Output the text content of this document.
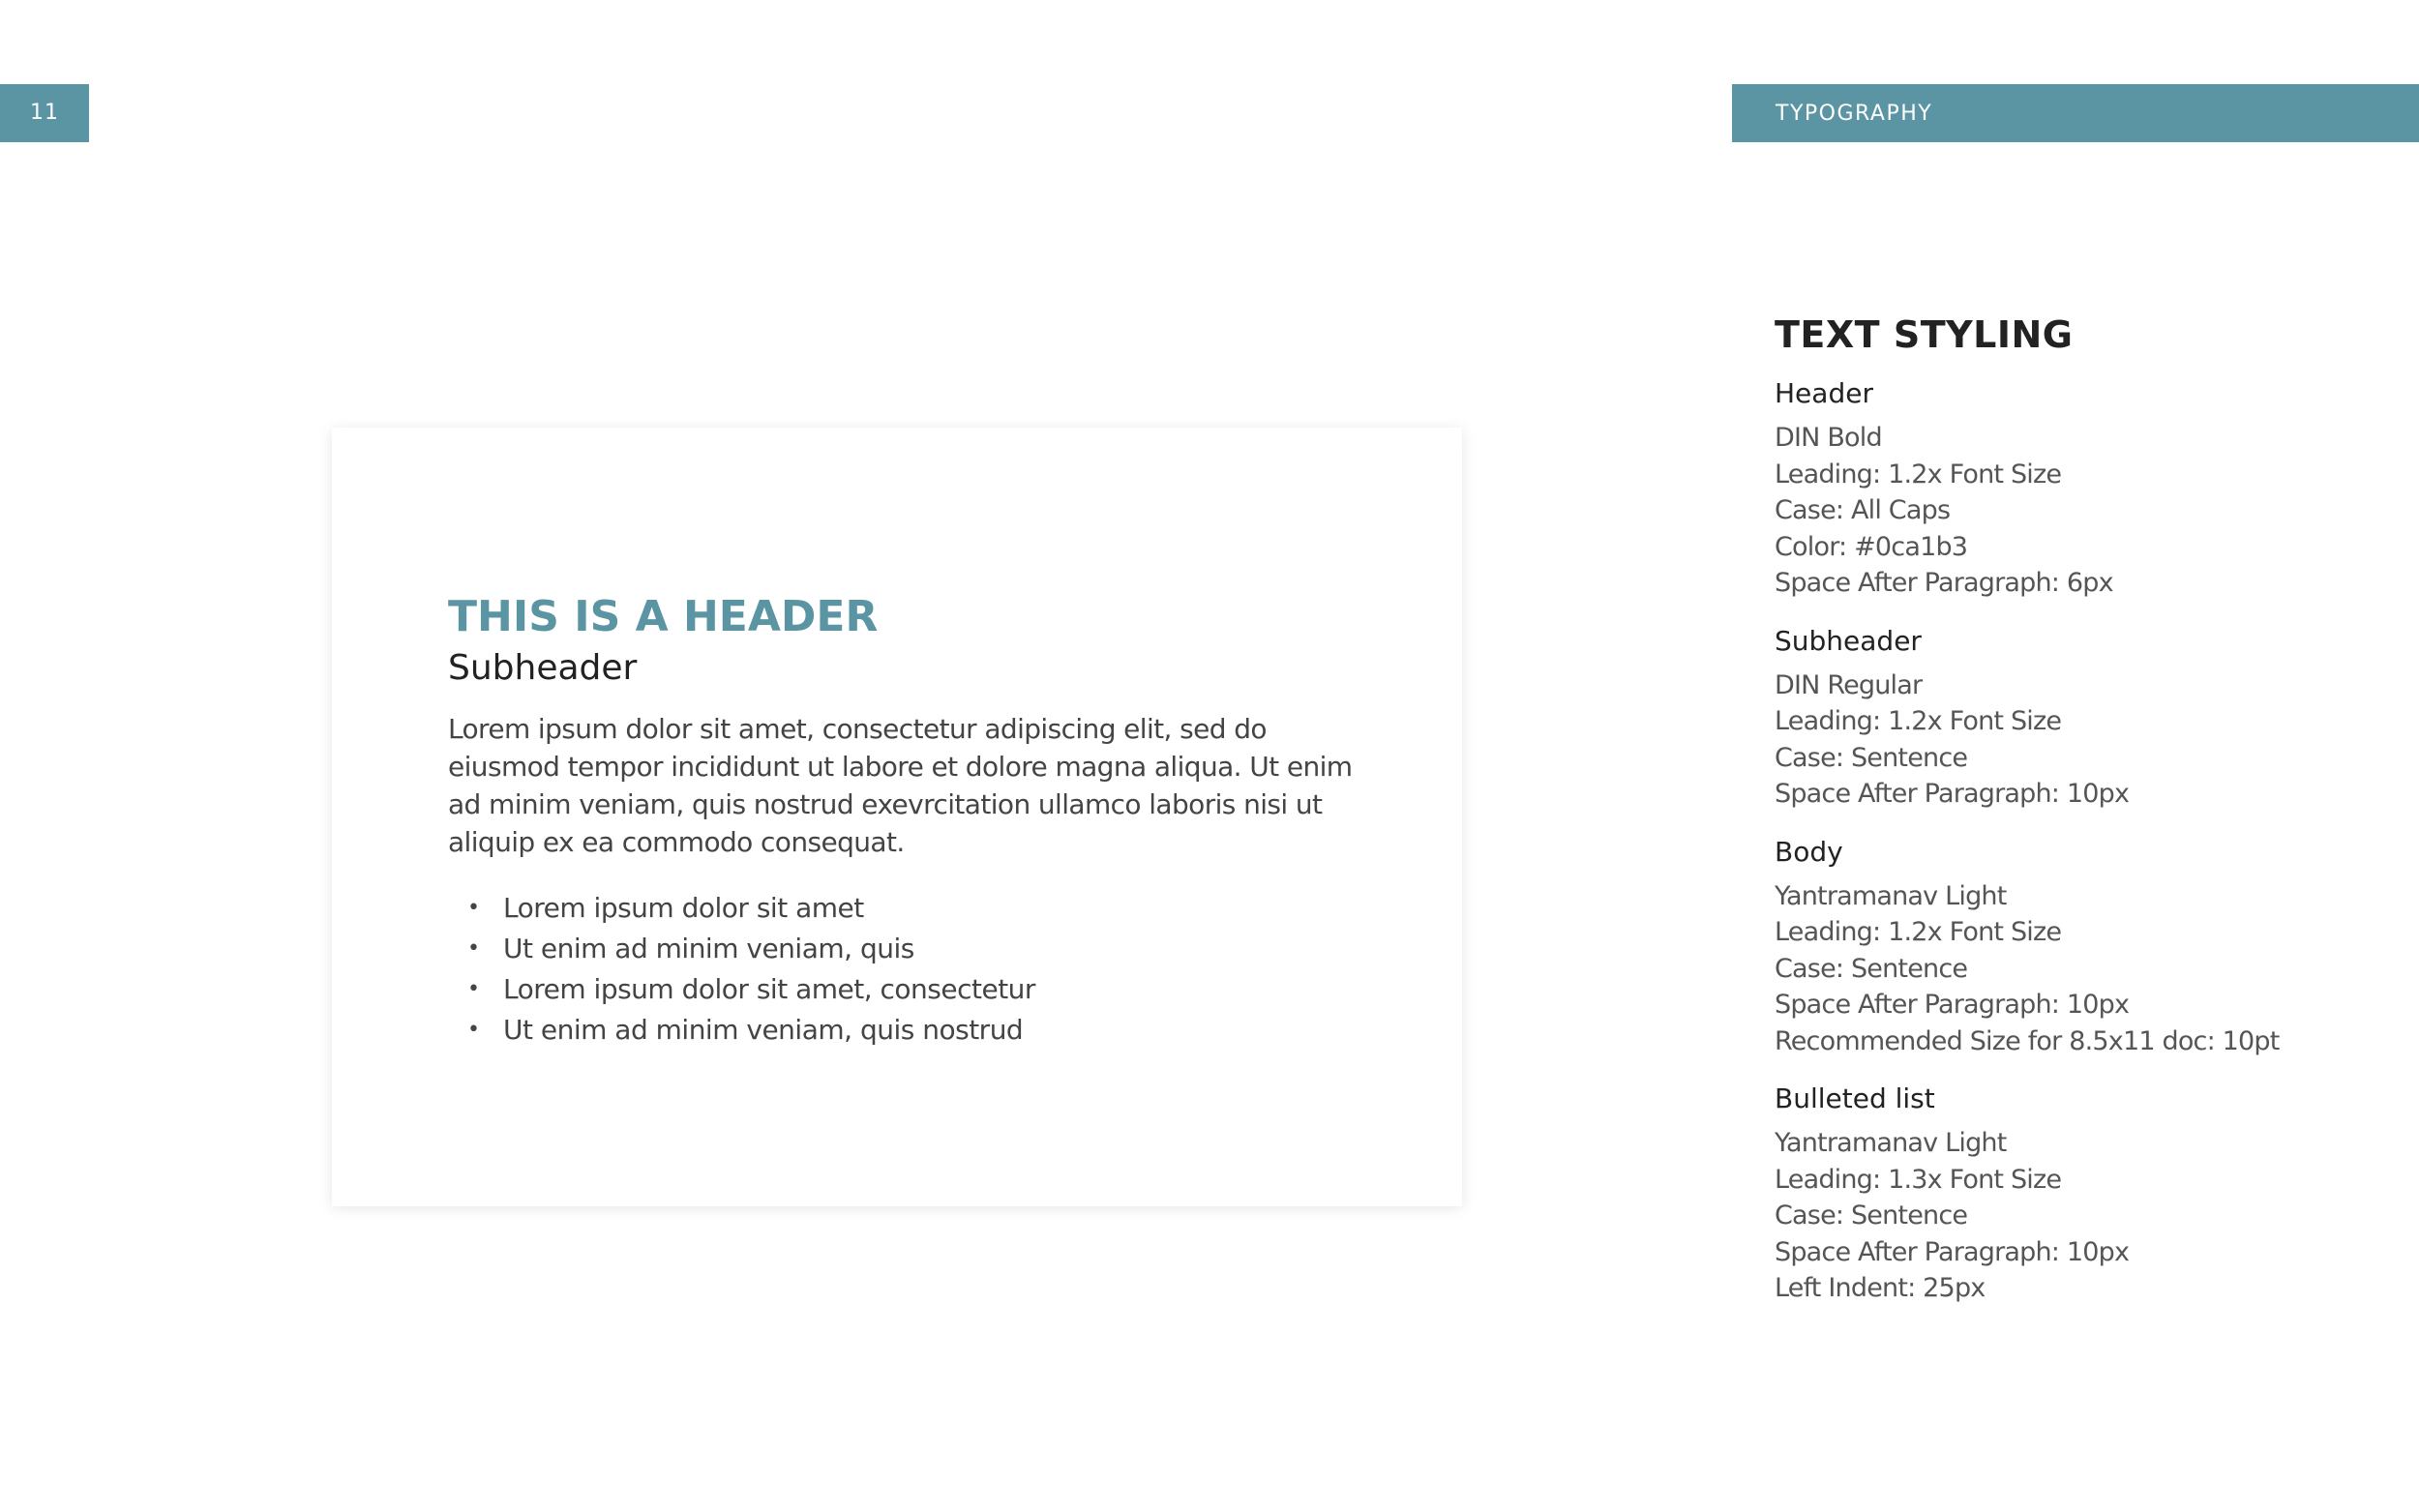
11	TYPOGRAPHY
THIS IS A HEADER
Subheader

Lorem ipsum dolor sit amet, consectetur adipiscing elit, sed do eiusmod tempor incididunt ut labore et dolore magna aliqua. Ut enim ad minim veniam, quis nostrud exevrcitation ullamco laboris nisi ut aliquip ex ea commodo consequat.

• Lorem ipsum dolor sit amet
• Ut enim ad minim veniam, quis
• Lorem ipsum dolor sit amet, consectetur
• Ut enim ad minim veniam, quis nostrud
TEXT STYLING
Header
DIN Bold
Leading: 1.2x Font Size
Case: All Caps
Color: #0ca1b3
Space After Paragraph: 6px
Subheader
DIN Regular
Leading: 1.2x Font Size
Case: Sentence
Space After Paragraph: 10px
Body
Yantramanav Light
Leading: 1.2x Font Size
Case: Sentence
Space After Paragraph: 10px
Recommended Size for 8.5x11 doc: 10pt
Bulleted list
Yantramanav Light
Leading: 1.3x Font Size
Case: Sentence
Space After Paragraph: 10px
Left Indent: 25px
